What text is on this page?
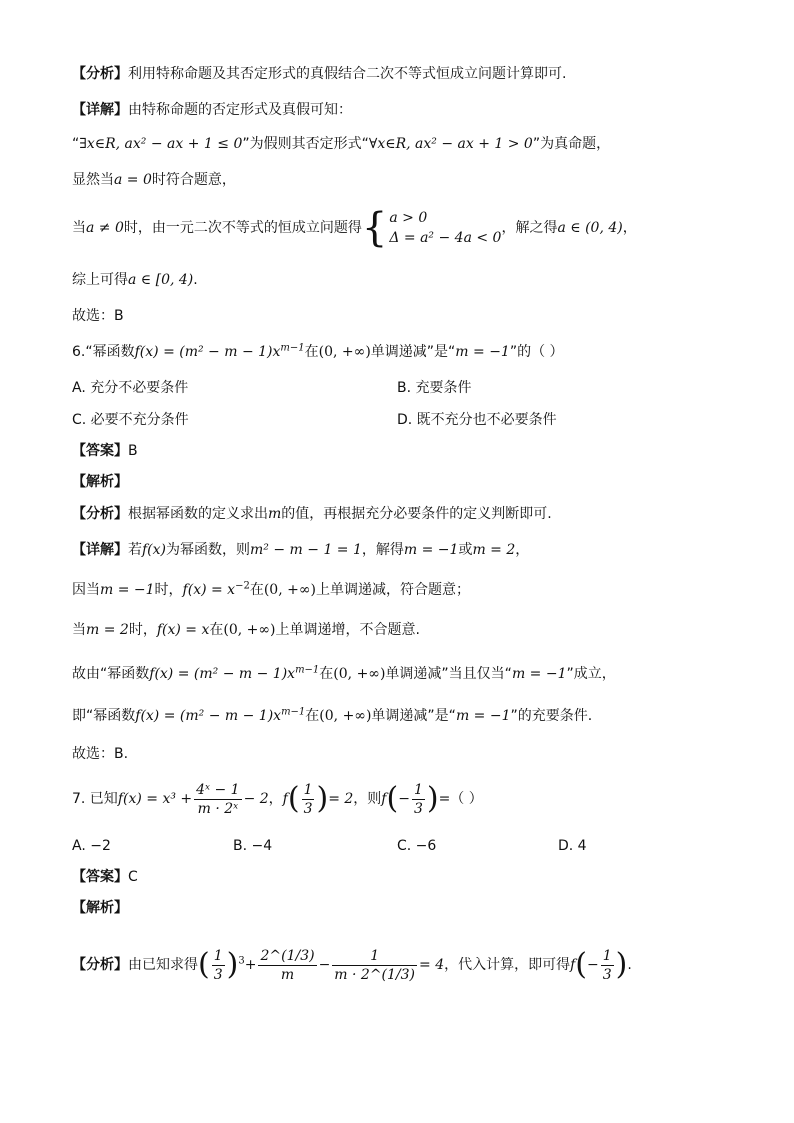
【分析】利用特称命题及其否定形式的真假结合二次不等式恒成立问题计算即可.
【详解】由特称命题的否定形式及真假可知：
“∃x∈R, ax² − ax + 1 ≤ 0”为假则其否定形式“∀x∈R, ax² − ax + 1 > 0”为真命题，
显然当a = 0时符合题意，
当a ≠ 0时，由一元二次不等式的恒成立问题得{ a > 0
Δ = a² − 4a < 0
，解之得a ∈ (0, 4)，
综上可得a ∈ [0, 4).
故选：B
6.“幂函数$f(x) = (m^2 - m - 1)x^{m-1}$在(0, +∞)单调递减”是“m = −1”的（ ）
A. 充分不必要条件	B. 充要条件
C. 必要不充分条件	D. 既不充分也不必要条件
【答案】B
【解析】
【分析】根据幂函数的定义求出m的值，再根据充分必要条件的定义判断即可.
【详解】若f(x)为幂函数，则m² − m − 1 = 1，解得m = −1或m = 2，
因当m = −1时，$f(x) = x^{-2}$在(0, +∞)上单调递减，符合题意；
当m = 2时，f(x) = x在(0, +∞)上单调递增，不合题意.
故由“幂函数$f(x) = (m^2 - m - 1)x^{m-1}$在(0, +∞)单调递减”当且仅当“m = −1”成立，
即“幂函数$f(x) = (m^2 - m - 1)x^{m-1}$在(0, +∞)单调递减”是“m = −1”的充要条件.
故选：B.
7. 已知$f(x) = x^3 + \frac{\text{4ˣ − 1}}{\text{m · 2ˣ}} - 2$，$f( \frac{1}{3}$ )= 2，则$f(- \frac{1}{3}$ )=（ ）
A. −2	B. −4	C. −6	D. 4
【答案】C
【解析】
【分析】由已知求得( $\frac{1}{3} )^3+ \frac{2\^{}(1/3)}{m} - \frac{1}{m \cdot 2\^{}(1/3)} = 4$，代入计算，即可得$f(- \frac{1}{3}$ ).
